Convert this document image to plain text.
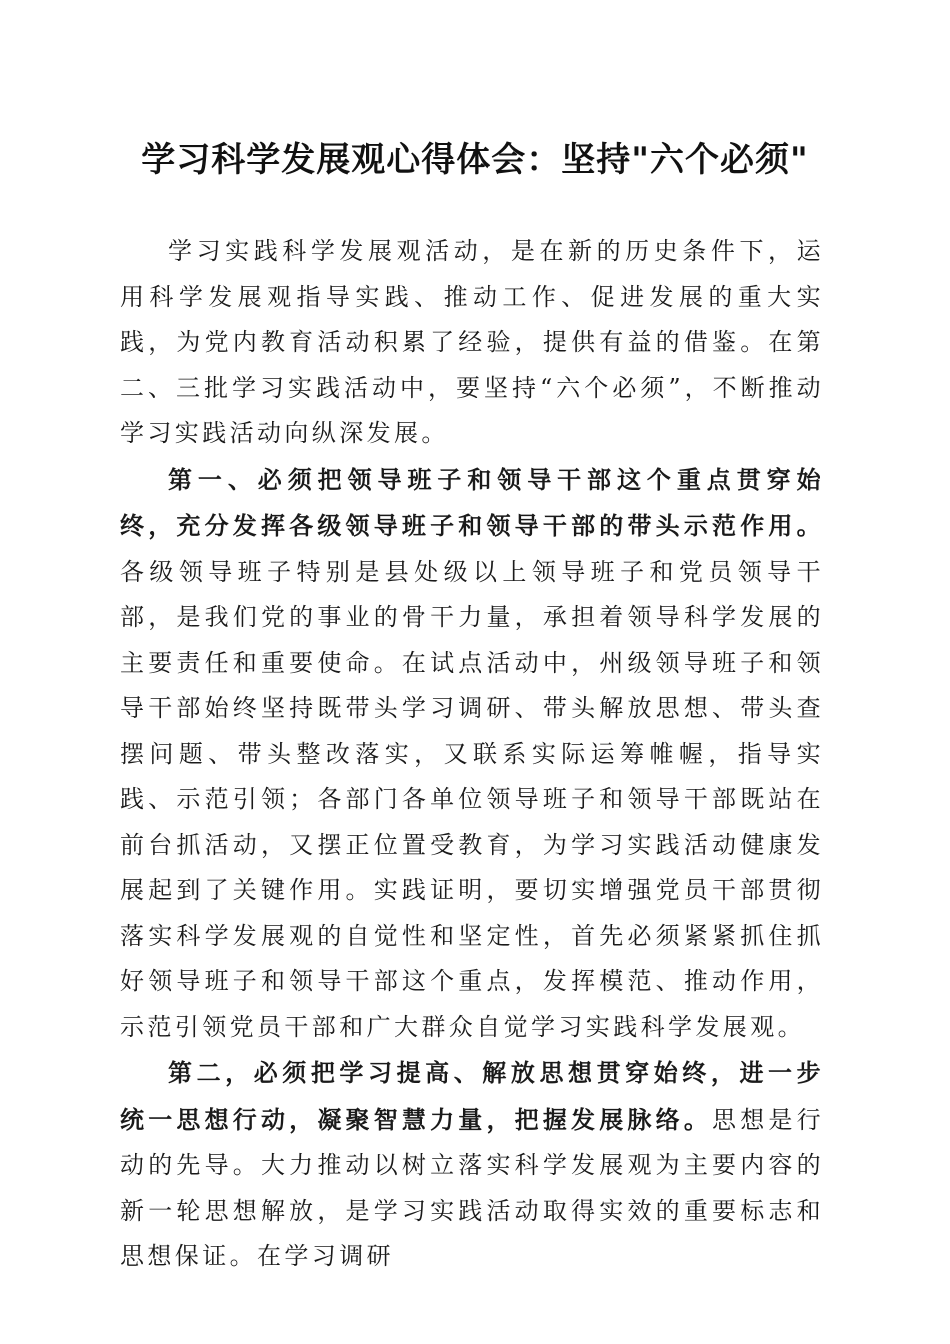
学习科学发展观心得体会：坚持"六个必须"

学习实践科学发展观活动，是在新的历史条件下，运用科学发展观指导实践、推动工作、促进发展的重大实践，为党内教育活动积累了经验，提供有益的借鉴。在第二、三批学习实践活动中，要坚持“六个必须”，不断推动学习实践活动向纵深发展。

第一、必须把领导班子和领导干部这个重点贯穿始终，充分发挥各级领导班子和领导干部的带头示范作用。各级领导班子特别是县处级以上领导班子和党员领导干部，是我们党的事业的骨干力量，承担着领导科学发展的主要责任和重要使命。在试点活动中，州级领导班子和领导干部始终坚持既带头学习调研、带头解放思想、带头查摆问题、带头整改落实，又联系实际运筹帷幄，指导实践、示范引领；各部门各单位领导班子和领导干部既站在前台抓活动，又摆正位置受教育，为学习实践活动健康发展起到了关键作用。实践证明，要切实增强党员干部贯彻落实科学发展观的自觉性和坚定性，首先必须紧紧抓住抓好领导班子和领导干部这个重点，发挥模范、推动作用，示范引领党员干部和广大群众自觉学习实践科学发展观。

第二，必须把学习提高、解放思想贯穿始终，进一步统一思想行动，凝聚智慧力量，把握发展脉络。思想是行动的先导。大力推动以树立落实科学发展观为主要内容的新一轮思想解放，是学习实践活动取得实效的重要标志和思想保证。在学习调研
